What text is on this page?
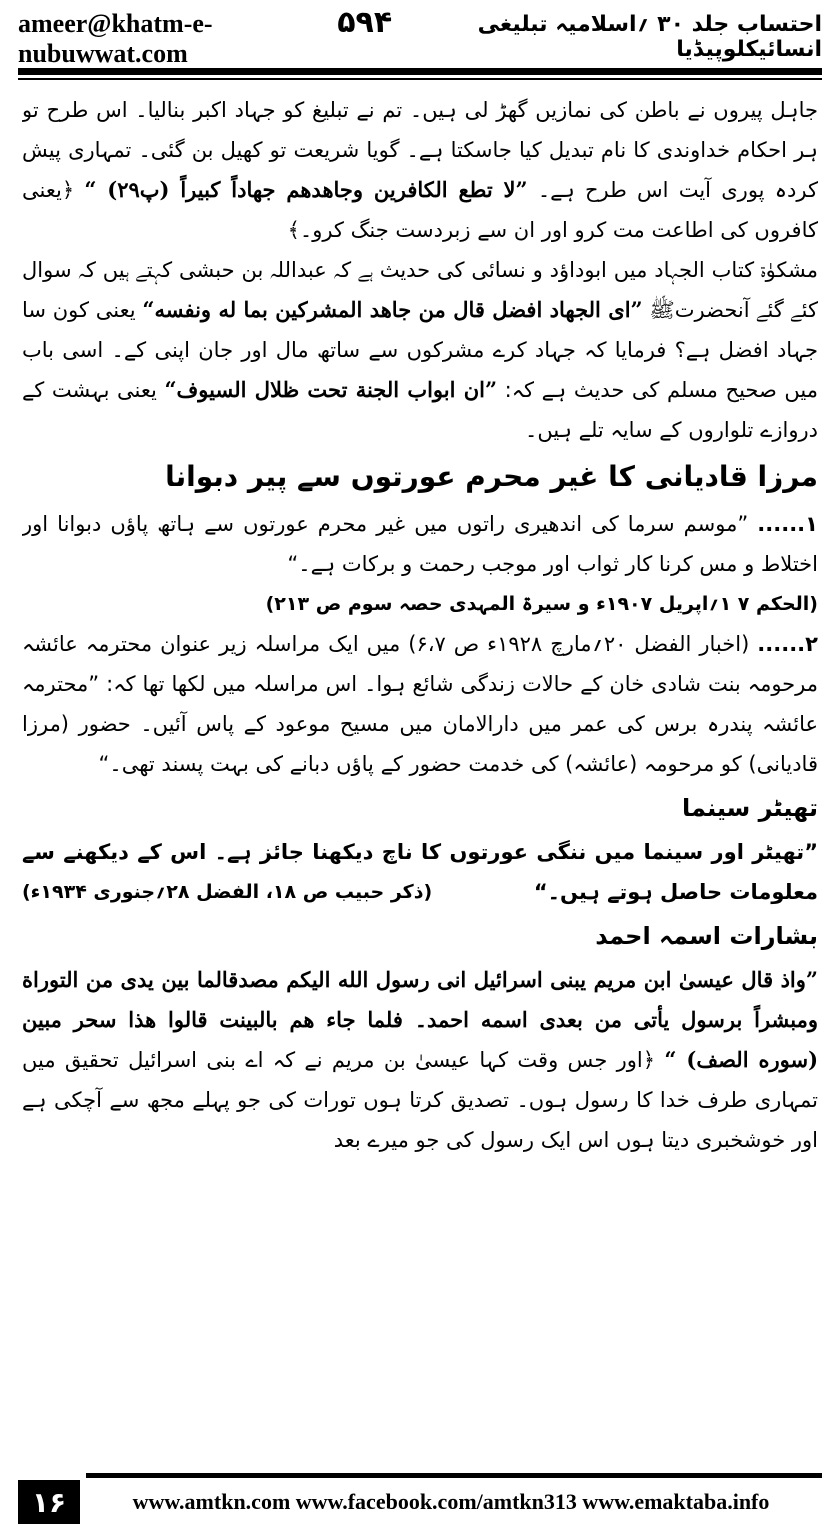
ameer@khatm-e-nubuwwat.com
۵۹۴	احتساب جلد ۳۰ ؍اسلامیہ تبلیغی انسائیکلوپیڈیا

جاہل پیروں نے باطن کی نمازیں گھڑ لی ہیں۔ تم نے تبلیغ کو جہاد اکبر بنالیا۔ اس طرح تو ہر احکام خداوندی کا نام تبدیل کیا جاسکتا ہے۔ گویا شریعت تو کھیل بن گئی۔ تمہاری پیش کردہ پوری آیت اس طرح ہے۔ ”لا تطع الکافرین وجاهدهم جهاداً کبیراً (پ۲۹) “ ﴿یعنی کافروں کی اطاعت مت کرو اور ان سے زبردست جنگ کرو۔﴾

مشکوٰۃ کتاب الجہاد میں ابوداؤد و نسائی کی حدیث ہے کہ عبداللہ بن حبشی کہتے ہیں کہ سوال کئے گئے آنحضرتﷺ ”ای الجهاد افضل قال من جاهد المشرکین بما له ونفسه“ یعنی کون سا جہاد افضل ہے؟ فرمایا کہ جہاد کرے مشرکوں سے ساتھ مال اور جان اپنی کے۔ اسی باب میں صحیح مسلم کی حدیث ہے کہ: ”ان ابواب الجنة تحت ظلال السیوف“ یعنی بہشت کے دروازے تلواروں کے سایہ تلے ہیں۔

مرزا قادیانی کا غیر محرم عورتوں سے پیر دبوانا

۱...... ”موسم سرما کی اندھیری راتوں میں غیر محرم عورتوں سے ہاتھ پاؤں دبوانا اور اختلاط و مس کرنا کار ثواب اور موجب رحمت و برکات ہے۔“
(الحکم ۷ ۱؍اپریل ۱۹۰۷ء و سیرۃ المہدی حصہ سوم ص ۲۱۳)

۲...... (اخبار الفضل ۲۰؍مارچ ۱۹۲۸ء ص ۶،۷) میں ایک مراسلہ زیر عنوان محترمہ عائشہ مرحومہ بنت شادی خان کے حالات زندگی شائع ہوا۔ اس مراسلہ میں لکھا تھا کہ: ”محترمہ عائشہ پندرہ برس کی عمر میں دارالامان میں مسیح موعود کے پاس آئیں۔ حضور (مرزا قادیانی) کو مرحومہ (عائشہ) کی خدمت حضور کے پاؤں دبانے کی بہت پسند تھی۔“

تھیٹر سینما

”تھیٹر اور سینما میں ننگی عورتوں کا ناچ دیکھنا جائز ہے۔ اس کے دیکھنے سے معلومات حاصل ہوتے ہیں۔“
(ذکر حبیب ص ۱۸، الفضل ۲۸؍جنوری ۱۹۳۴ء)

بشارات اسمہ احمد

”واذ قال عیسیٰ ابن مریم یبنی اسرائیل انی رسول الله الیکم مصدقالما بین یدی من التوراة ومبشراً برسول یأتی من بعدی اسمه احمد۔ فلما جاء هم بالبینت قالوا هذا سحر مبین (سوره الصف) “ ﴿اور جس وقت کہا عیسیٰ بن مریم نے کہ اے بنی اسرائیل تحقیق میں تمہاری طرف خدا کا رسول ہوں۔ تصدیق کرتا ہوں تورات کی جو پہلے مجھ سے آچکی ہے اور خوشخبری دیتا ہوں اس ایک رسول کی جو میرے بعد

۱۶	www.amtkn.com www.facebook.com/amtkn313 www.emaktaba.info
